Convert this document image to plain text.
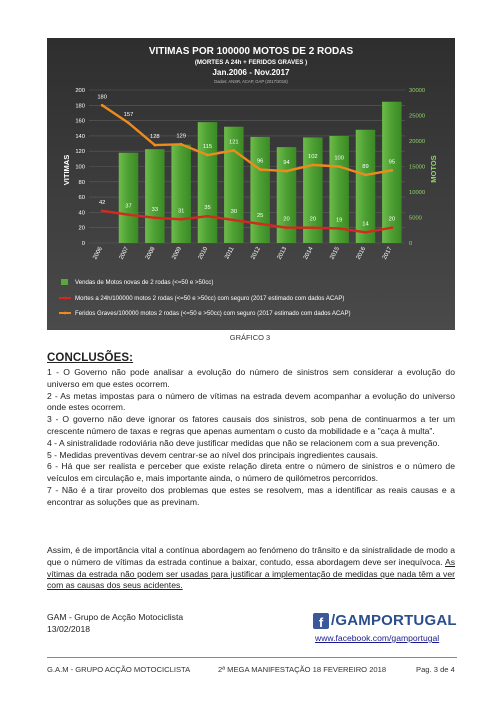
VITIMAS POR 100000 MOTOS DE 2 RODAS
(MORTES A 24h + FERIDOS GRAVES )
Jan.2006 - Nov.2017
Dados: ANSR, ACAP, GAP (2017/2018)
VITIMAS	MOTOS
0
20
40
60
80
100
120
140
160
180
200
0
5000
10000
15000
20000
25000
30000
2006 2007 2008 2009 2010 2011 2012 2013 2014 2015 2016 2017
42
37
33	31
35
30
25
20	20	19
14
20
180
157
128	129
115
121
96	94
102	100
89
95
Vendas de Motos novas de 2 rodas (<=50 e >50cc)
Mortes a 24h/100000 motos 2 rodas (<=50 e >50cc) com seguro (2017 estimado com dados ACAP)
Feridos Graves/100000 motos 2 rodas (<=50 e >50cc) com seguro (2017 estimado com dados ACAP)
GRÁFICO 3
CONCLUSÕES:
1 - O Governo não pode analisar a evolução do número de sinistros sem considerar a evolução do universo em que estes ocorrem.
2 - As metas impostas para o número de vítimas na estrada devem acompanhar a evolução do universo onde estes ocorrem.
3 - O governo não deve ignorar os fatores causais dos sinistros, sob pena de continuarmos a ter um crescente número de taxas e regras que apenas aumentam o custo da mobilidade e a "caça à multa".
4 - A sinistralidade rodoviária não deve justificar medidas que não se relacionem com a sua prevenção.
5 - Medidas preventivas devem centrar-se ao nível dos principais ingredientes causais.
6 - Há que ser realista e perceber que existe relação direta entre o número de sinistros e o número de veículos em circulação e, mais importante ainda, o número de quilómetros percorridos.
7 - Não é a tirar proveito dos problemas que estes se resolvem, mas a identificar as reais causas e a encontrar as soluções que as previnam.

Assim, é de importância vital a contínua abordagem ao fenómeno do trânsito e da sinistralidade de modo a que o número de vítimas da estrada continue a baixar, contudo, essa abordagem deve ser inequívoca. As vítimas da estrada não podem ser usadas para justificar a implementação de medidas que nada têm a ver com as causas dos seus acidentes.

GAM - Grupo de Acção Motociclista
13/02/2018	f /GAMPORTUGAL
www.facebook.com/gamportugal
G.A.M - GRUPO ACÇÃO MOTOCICLISTA	2ª MEGA MANIFESTAÇÃO 18 FEVEREIRO 2018	Pag. 3 de 4
